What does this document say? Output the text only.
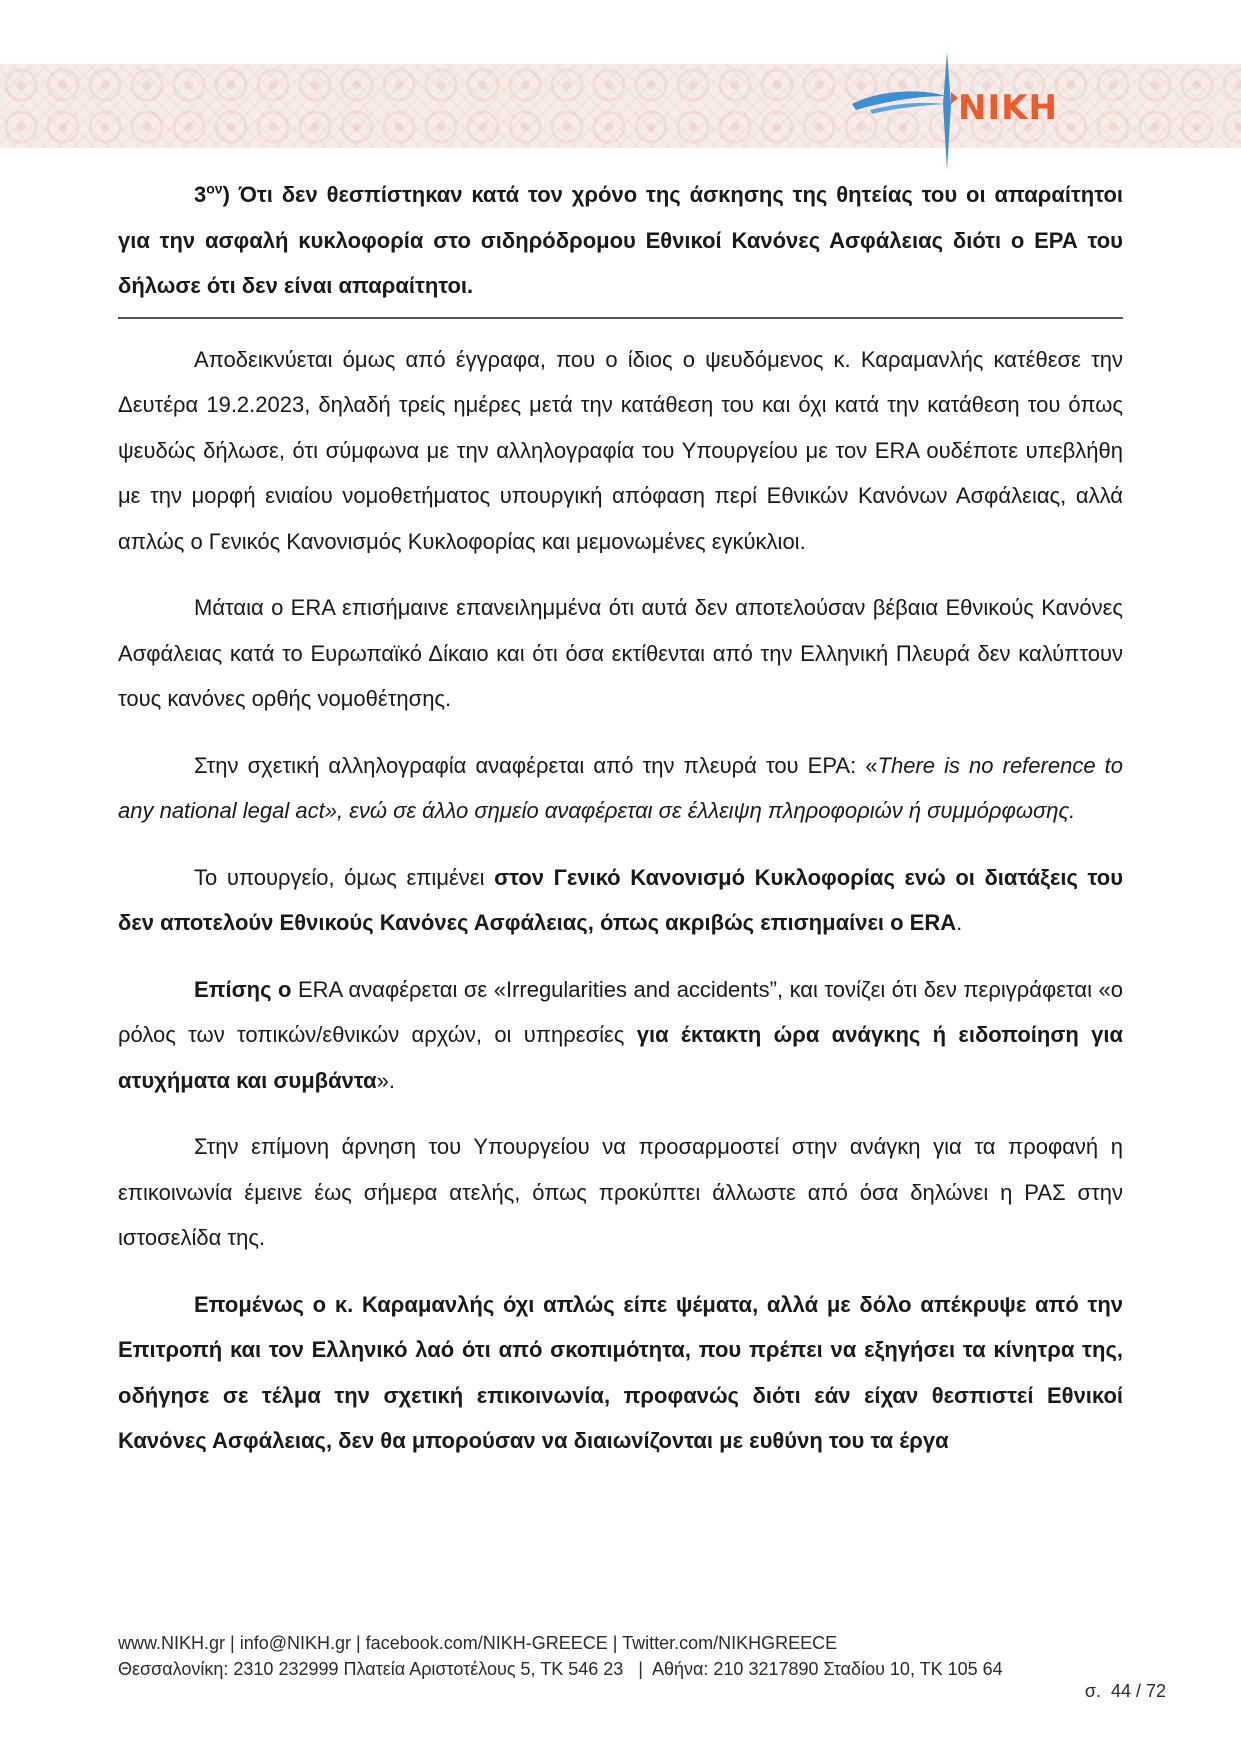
NIKH

$3^{o\nu}$) Ότι δεν θεσπίστηκαν κατά τον χρόνο της άσκησης της θητείας του οι απαραίτητοι για την ασφαλή κυκλοφορία στο σιδηρόδρομου Εθνικοί Κανόνες Ασφάλειας διότι ο ΕΡΑ του δήλωσε ότι δεν είναι απαραίτητοι.

Αποδεικνύεται όμως από έγγραφα, που ο ίδιος ο ψευδόμενος κ. Καραμανλής κατέθεσε την Δευτέρα 19.2.2023, δηλαδή τρείς ημέρες μετά την κατάθεση του και όχι κατά την κατάθεση του όπως ψευδώς δήλωσε, ότι σύμφωνα με την αλληλογραφία του Υπουργείου με τον ERA ουδέποτε υπεβλήθη με την μορφή ενιαίου νομοθετήματος υπουργική απόφαση περί Εθνικών Κανόνων Ασφάλειας, αλλά απλώς ο Γενικός Κανονισμός Κυκλοφορίας και μεμονωμένες εγκύκλιοι.

Μάταια ο ERA επισήμαινε επανειλημμένα ότι αυτά δεν αποτελούσαν βέβαια Εθνικούς Κανόνες Ασφάλειας κατά το Ευρωπαϊκό Δίκαιο και ότι όσα εκτίθενται από την Ελληνική Πλευρά δεν καλύπτουν τους κανόνες ορθής νομοθέτησης.

Στην σχετική αλληλογραφία αναφέρεται από την πλευρά του ΕΡΑ: «There is no reference to any national legal act», ενώ σε άλλο σημείο αναφέρεται σε έλλειψη πληροφοριών ή συμμόρφωσης.

Το υπουργείο, όμως επιμένει στον Γενικό Κανονισμό Κυκλοφορίας ενώ οι διατάξεις του δεν αποτελούν Εθνικούς Κανόνες Ασφάλειας, όπως ακριβώς επισημαίνει ο ERA.

Επίσης ο ERA αναφέρεται σε «Irregularities and accidents”, και τονίζει ότι δεν περιγράφεται «ο ρόλος των τοπικών/εθνικών αρχών, οι υπηρεσίες για έκτακτη ώρα ανάγκης ή ειδοποίηση για ατυχήματα και συμβάντα».

Στην επίμονη άρνηση του Υπουργείου να προσαρμοστεί στην ανάγκη για τα προφανή η επικοινωνία έμεινε έως σήμερα ατελής, όπως προκύπτει άλλωστε από όσα δηλώνει η ΡΑΣ στην ιστοσελίδα της.

Επομένως ο κ. Καραμανλής όχι απλώς είπε ψέματα, αλλά με δόλο απέκρυψε από την Επιτροπή και τον Ελληνικό λαό ότι από σκοπιμότητα, που πρέπει να εξηγήσει τα κίνητρα της, οδήγησε σε τέλμα την σχετική επικοινωνία, προφανώς διότι εάν είχαν θεσπιστεί Εθνικοί Κανόνες Ασφάλειας, δεν θα μπορούσαν να διαιωνίζονται με ευθύνη του τα έργα

www.NIKH.gr | info@NIKH.gr | facebook.com/NIKH-GREECE | Twitter.com/NIKHGREECE
Θεσσαλονίκη: 2310 232999 Πλατεία Αριστοτέλους 5, ΤΚ 546 23   |  Αθήνα: 210 3217890 Σταδίου 10, ΤΚ 105 64
σ.  44 / 72
